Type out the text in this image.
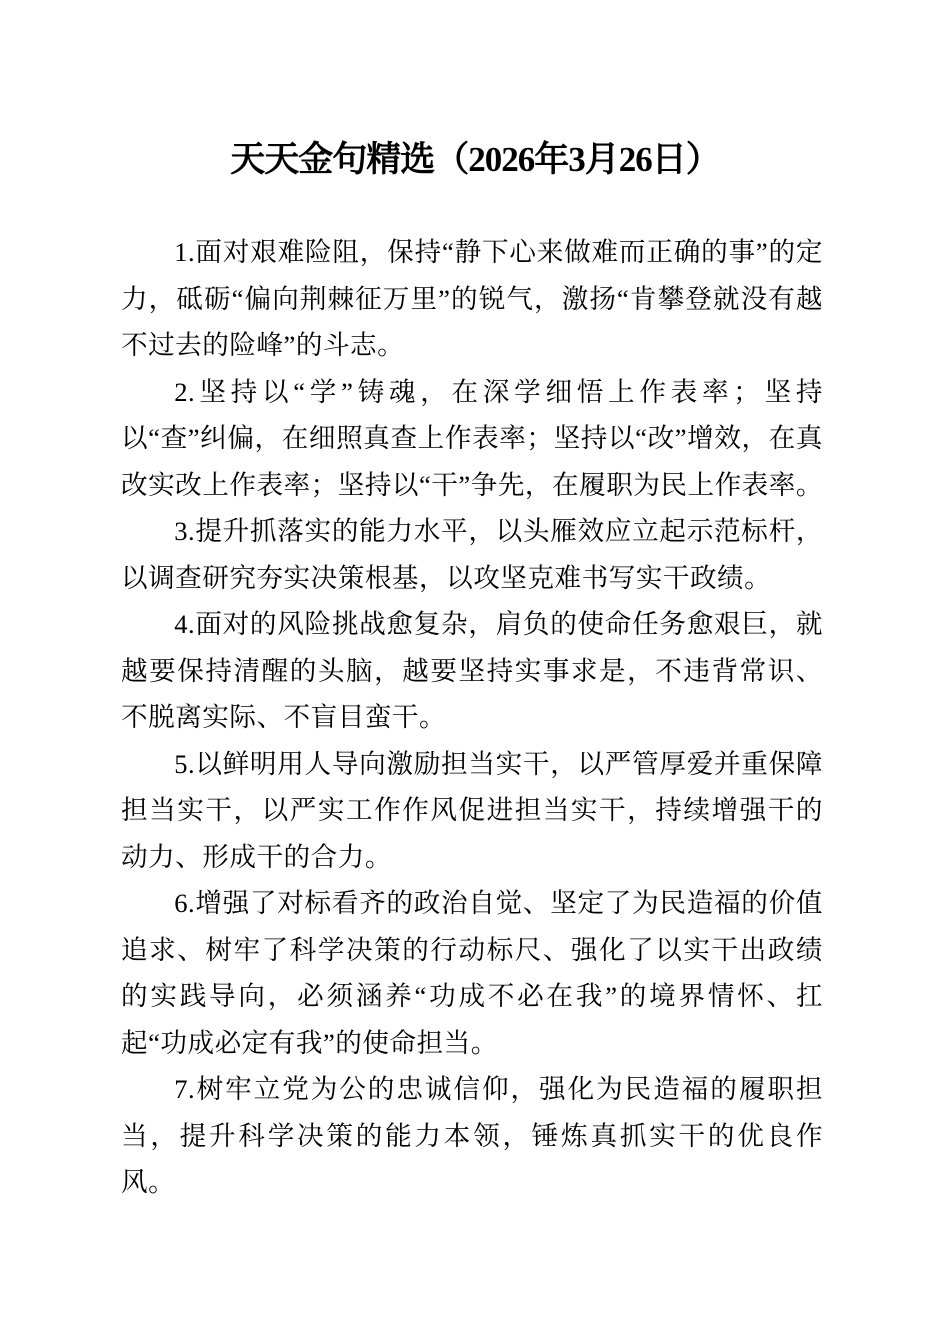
天天金句精选（2026年3月26日）

1.面对艰难险阻，保持“静下心来做难而正确的事”的定力，砥砺“偏向荆棘征万里”的锐气，激扬“肯攀登就没有越不过去的险峰”的斗志。

2.坚持以“学”铸魂，在深学细悟上作表率；坚持以“查”纠偏，在细照真查上作表率；坚持以“改”增效，在真改实改上作表率；坚持以“干”争先，在履职为民上作表率。

3.提升抓落实的能力水平，以头雁效应立起示范标杆，以调查研究夯实决策根基，以攻坚克难书写实干政绩。

4.面对的风险挑战愈复杂，肩负的使命任务愈艰巨，就越要保持清醒的头脑，越要坚持实事求是，不违背常识、不脱离实际、不盲目蛮干。

5.以鲜明用人导向激励担当实干，以严管厚爱并重保障担当实干，以严实工作作风促进担当实干，持续增强干的动力、形成干的合力。

6.增强了对标看齐的政治自觉、坚定了为民造福的价值追求、树牢了科学决策的行动标尺、强化了以实干出政绩的实践导向，必须涵养“功成不必在我”的境界情怀、扛起“功成必定有我”的使命担当。

7.树牢立党为公的忠诚信仰，强化为民造福的履职担当，提升科学决策的能力本领，锤炼真抓实干的优良作风。
